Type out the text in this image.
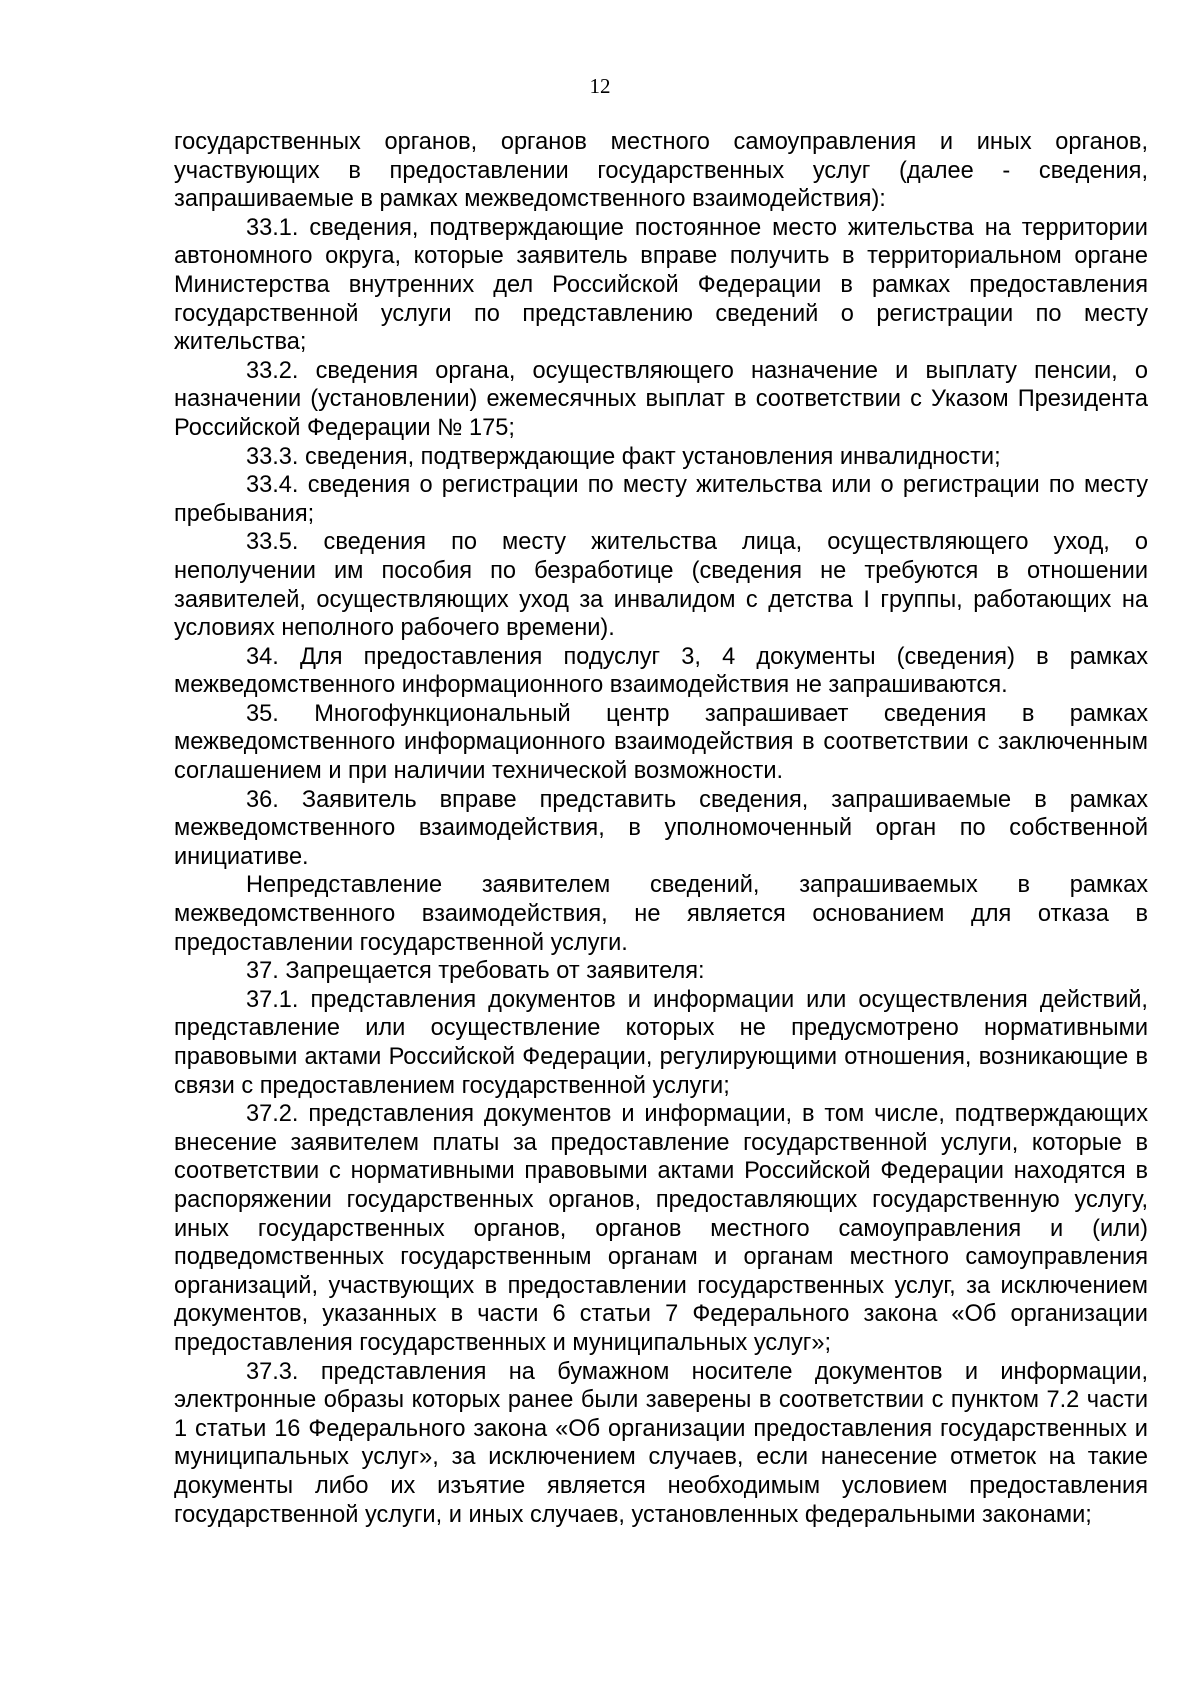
12

государственных органов, органов местного самоуправления и иных органов, участвующих в предоставлении государственных услуг (далее - сведения, запрашиваемые в рамках межведомственного взаимодействия):

33.1. сведения, подтверждающие постоянное место жительства на территории автономного округа, которые заявитель вправе получить в территориальном органе Министерства внутренних дел Российской Федерации в рамках предоставления государственной услуги по представлению сведений о регистрации по месту жительства;

33.2. сведения органа, осуществляющего назначение и выплату пенсии, о назначении (установлении) ежемесячных выплат в соответствии с Указом Президента Российской Федерации № 175;

33.3. сведения, подтверждающие факт установления инвалидности;

33.4. сведения о регистрации по месту жительства или о регистрации по месту пребывания;

33.5. сведения по месту жительства лица, осуществляющего уход, о неполучении им пособия по безработице (сведения не требуются в отношении заявителей, осуществляющих уход за инвалидом с детства I группы, работающих на условиях неполного рабочего времени).

34. Для предоставления подуслуг 3, 4 документы (сведения) в рамках межведомственного информационного взаимодействия не запрашиваются.

35. Многофункциональный центр запрашивает сведения в рамках межведомственного информационного взаимодействия в соответствии с заключенным соглашением и при наличии технической возможности.

36. Заявитель вправе представить сведения, запрашиваемые в рамках межведомственного взаимодействия, в уполномоченный орган по собственной инициативе.

Непредставление заявителем сведений, запрашиваемых в рамках межведомственного взаимодействия, не является основанием для отказа в предоставлении государственной услуги.

37. Запрещается требовать от заявителя:

37.1. представления документов и информации или осуществления действий, представление или осуществление которых не предусмотрено нормативными правовыми актами Российской Федерации, регулирующими отношения, возникающие в связи с предоставлением государственной услуги;

37.2. представления документов и информации, в том числе, подтверждающих внесение заявителем платы за предоставление государственной услуги, которые в соответствии с нормативными правовыми актами Российской Федерации находятся в распоряжении государственных органов, предоставляющих государственную услугу, иных государственных органов, органов местного самоуправления и (или) подведомственных государственным органам и органам местного самоуправления организаций, участвующих в предоставлении государственных услуг, за исключением документов, указанных в части 6 статьи 7 Федерального закона «Об организации предоставления государственных и муниципальных услуг»;

37.3. представления на бумажном носителе документов и информации, электронные образы которых ранее были заверены в соответствии с пунктом 7.2 части 1 статьи 16 Федерального закона «Об организации предоставления государственных и муниципальных услуг», за исключением случаев, если нанесение отметок на такие документы либо их изъятие является необходимым условием предоставления государственной услуги, и иных случаев, установленных федеральными законами;
